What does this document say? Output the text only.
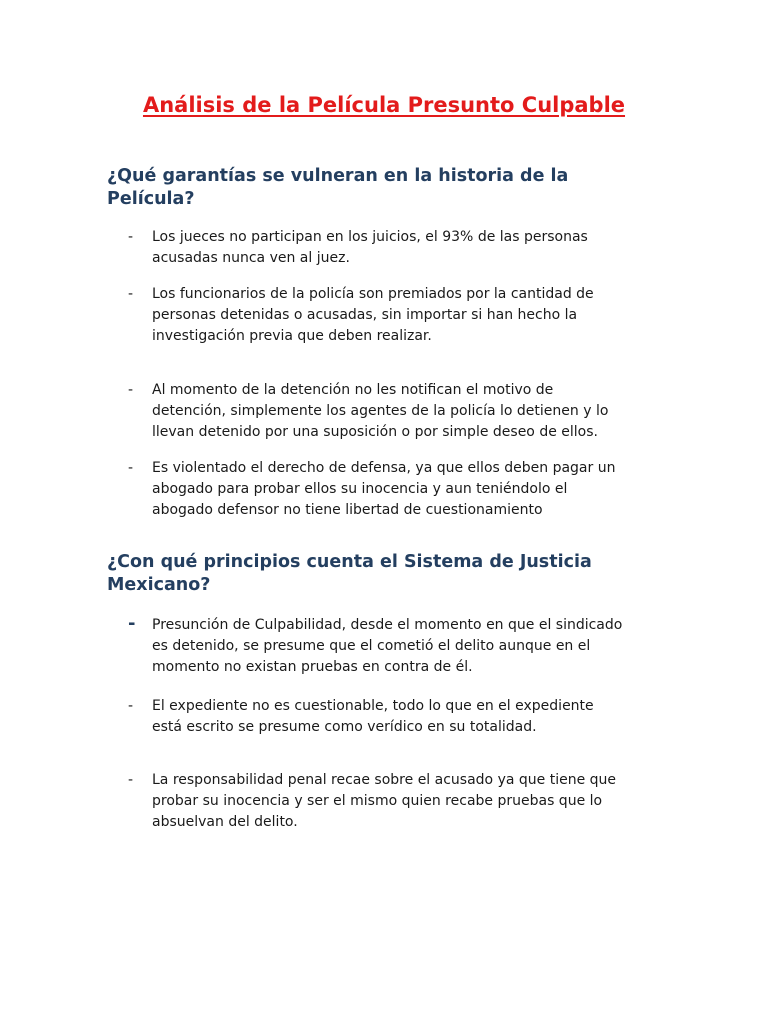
Análisis de la Película Presunto Culpable
¿Qué garantías se vulneran en la historia de la Película?
-	Los jueces no participan en los juicios, el 93% de las personas
acusadas nunca ven al juez.
-	Los funcionarios de la policía son premiados por la cantidad de
personas detenidas o acusadas, sin importar si han hecho la
investigación previa que deben realizar.
-	Al momento de la detención no les notifican el motivo de
detención, simplemente los agentes de la policía lo detienen y lo
llevan detenido por una suposición o por simple deseo de ellos.
-	Es violentado el derecho de defensa, ya que ellos deben pagar un
abogado para probar ellos su inocencia y aun teniéndolo el
abogado defensor no tiene libertad de cuestionamiento
¿Con qué principios cuenta el Sistema de Justicia Mexicano?
-	Presunción de Culpabilidad, desde el momento en que el sindicado
es detenido, se presume que el cometió el delito aunque en el
momento no existan pruebas en contra de él.
-	El expediente no es cuestionable, todo lo que en el expediente
está escrito se presume como verídico en su totalidad.
-	La responsabilidad penal recae sobre el acusado ya que tiene que
probar su inocencia y ser el mismo quien recabe pruebas que lo
absuelvan del delito.
